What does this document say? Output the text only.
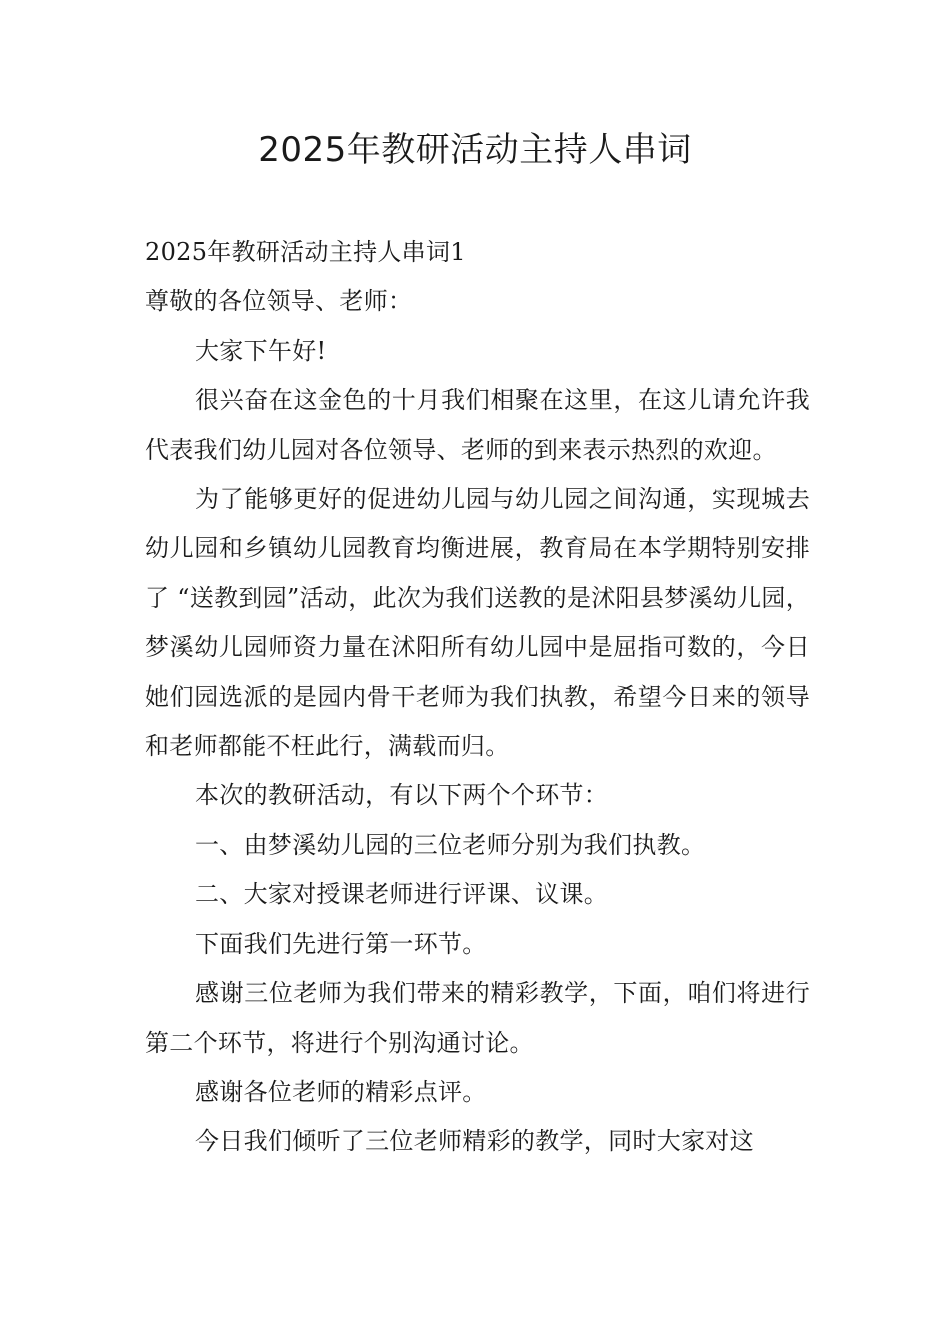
2025年教研活动主持人串词

2025年教研活动主持人串词1

尊敬的各位领导、老师：

大家下午好!

很兴奋在这金色的十月我们相聚在这里，在这儿请允许我代表我们幼儿园对各位领导、老师的到来表示热烈的欢迎。

为了能够更好的促进幼儿园与幼儿园之间沟通，实现城去幼儿园和乡镇幼儿园教育均衡进展，教育局在本学期特别安排了 “送教到园”活动，此次为我们送教的是沭阳县梦溪幼儿园，梦溪幼儿园师资力量在沭阳所有幼儿园中是屈指可数的，今日她们园选派的是园内骨干老师为我们执教，希望今日来的领导和老师都能不枉此行，满载而归。

本次的教研活动，有以下两个个环节：

一、由梦溪幼儿园的三位老师分别为我们执教。

二、大家对授课老师进行评课、议课。

下面我们先进行第一环节。

感谢三位老师为我们带来的精彩教学，下面，咱们将进行第二个环节，将进行个别沟通讨论。

感谢各位老师的精彩点评。

今日我们倾听了三位老师精彩的教学，同时大家对这
